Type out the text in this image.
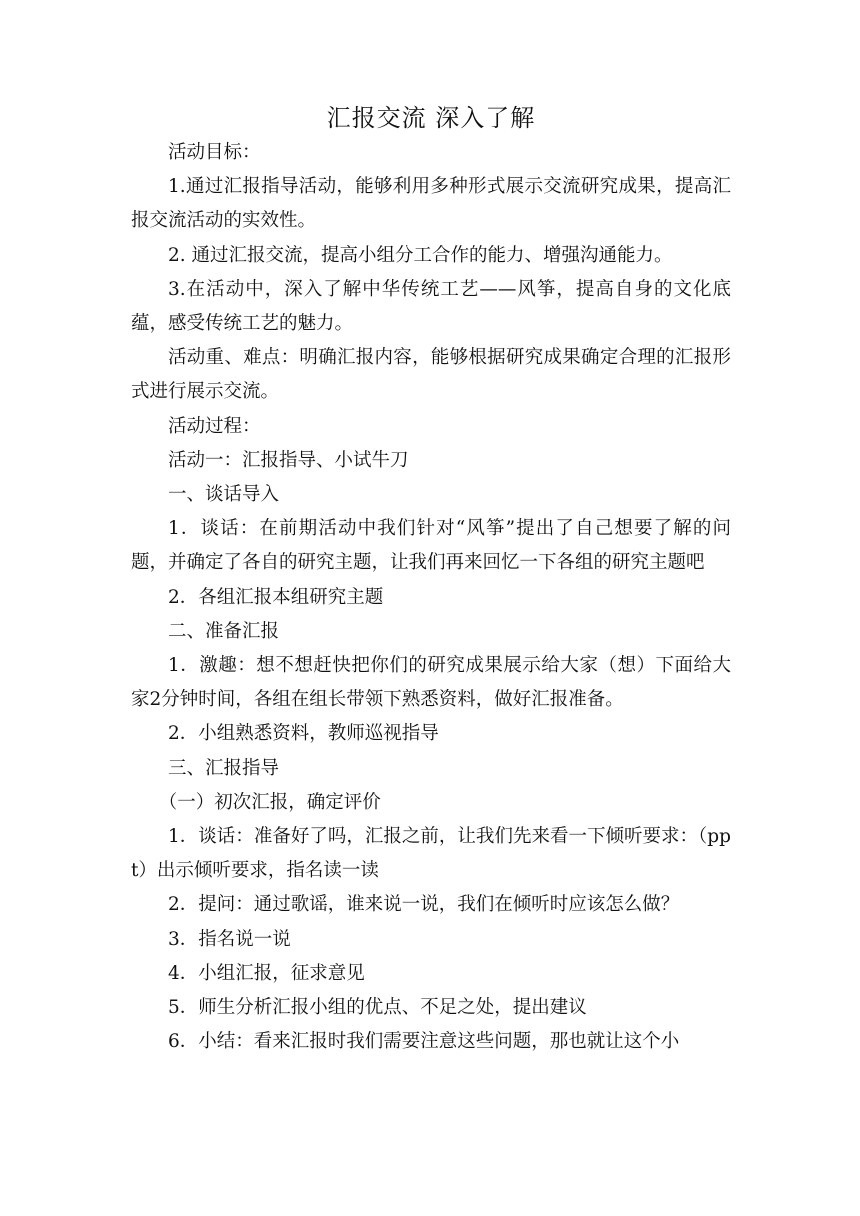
汇报交流 深入了解

活动目标：

1.通过汇报指导活动，能够利用多种形式展示交流研究成果，提高汇报交流活动的实效性。

2. 通过汇报交流，提高小组分工合作的能力、增强沟通能力。

3.在活动中，深入了解中华传统工艺——风筝，提高自身的文化底蕴，感受传统工艺的魅力。

活动重、难点：明确汇报内容，能够根据研究成果确定合理的汇报形式进行展示交流。

活动过程：

活动一：汇报指导、小试牛刀

一、谈话导入

1．谈话：在前期活动中我们针对“风筝”提出了自己想要了解的问题，并确定了各自的研究主题，让我们再来回忆一下各组的研究主题吧

2．各组汇报本组研究主题

二、准备汇报

1．激趣：想不想赶快把你们的研究成果展示给大家（想）下面给大家2分钟时间，各组在组长带领下熟悉资料，做好汇报准备。

2．小组熟悉资料，教师巡视指导

三、汇报指导

（一）初次汇报，确定评价

1．谈话：准备好了吗，汇报之前，让我们先来看一下倾听要求：（ppt）出示倾听要求，指名读一读

2．提问：通过歌谣，谁来说一说，我们在倾听时应该怎么做？

3．指名说一说

4．小组汇报，征求意见

5．师生分析汇报小组的优点、不足之处，提出建议

6．小结：看来汇报时我们需要注意这些问题，那也就让这个小
